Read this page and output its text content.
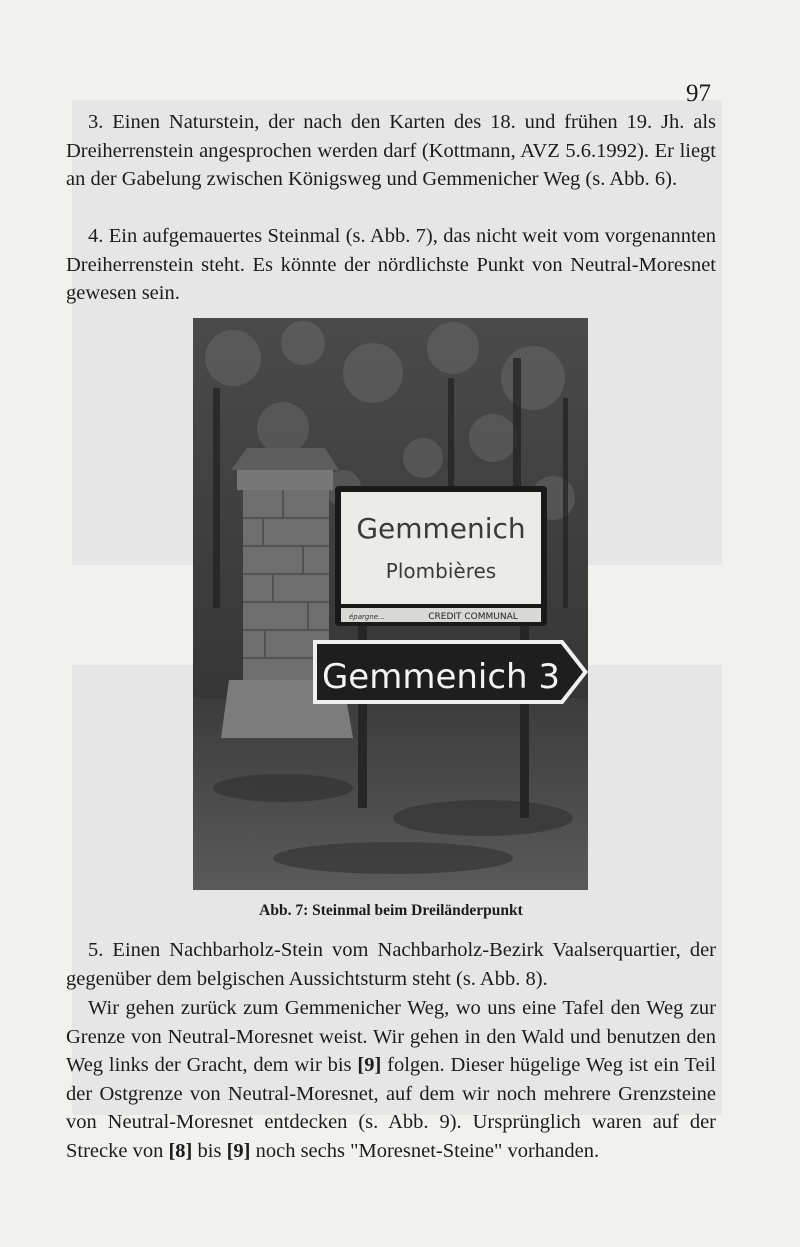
97

3. Einen Naturstein, der nach den Karten des 18. und frühen 19. Jh. als Dreiherrenstein angesprochen werden darf (Kottmann, AVZ 5.6.1992). Er liegt an der Gabelung zwischen Königsweg und Gemmenicher Weg (s. Abb. 6).

4. Ein aufgemauertes Steinmal (s. Abb. 7), das nicht weit vom vorgenannten Dreiherrenstein steht. Es könnte der nördlichste Punkt von Neutral-Moresnet gewesen sein.

Gemmenich
Plombières
épargne...	CREDIT COMMUNAL
Gemmenich 3
Abb. 7: Steinmal beim Dreiländerpunkt

5. Einen Nachbarholz-Stein vom Nachbarholz-Bezirk Vaalserquartier, der gegenüber dem belgischen Aussichtsturm steht (s. Abb. 8).

Wir gehen zurück zum Gemmenicher Weg, wo uns eine Tafel den Weg zur Grenze von Neutral-Moresnet weist. Wir gehen in den Wald und benutzen den Weg links der Gracht, dem wir bis [9] folgen. Dieser hügelige Weg ist ein Teil der Ostgrenze von Neutral-Moresnet, auf dem wir noch mehrere Grenzsteine von Neutral-Moresnet entdecken (s. Abb. 9). Ursprünglich waren auf der Strecke von [8] bis [9] noch sechs "Moresnet-Steine" vorhanden.
